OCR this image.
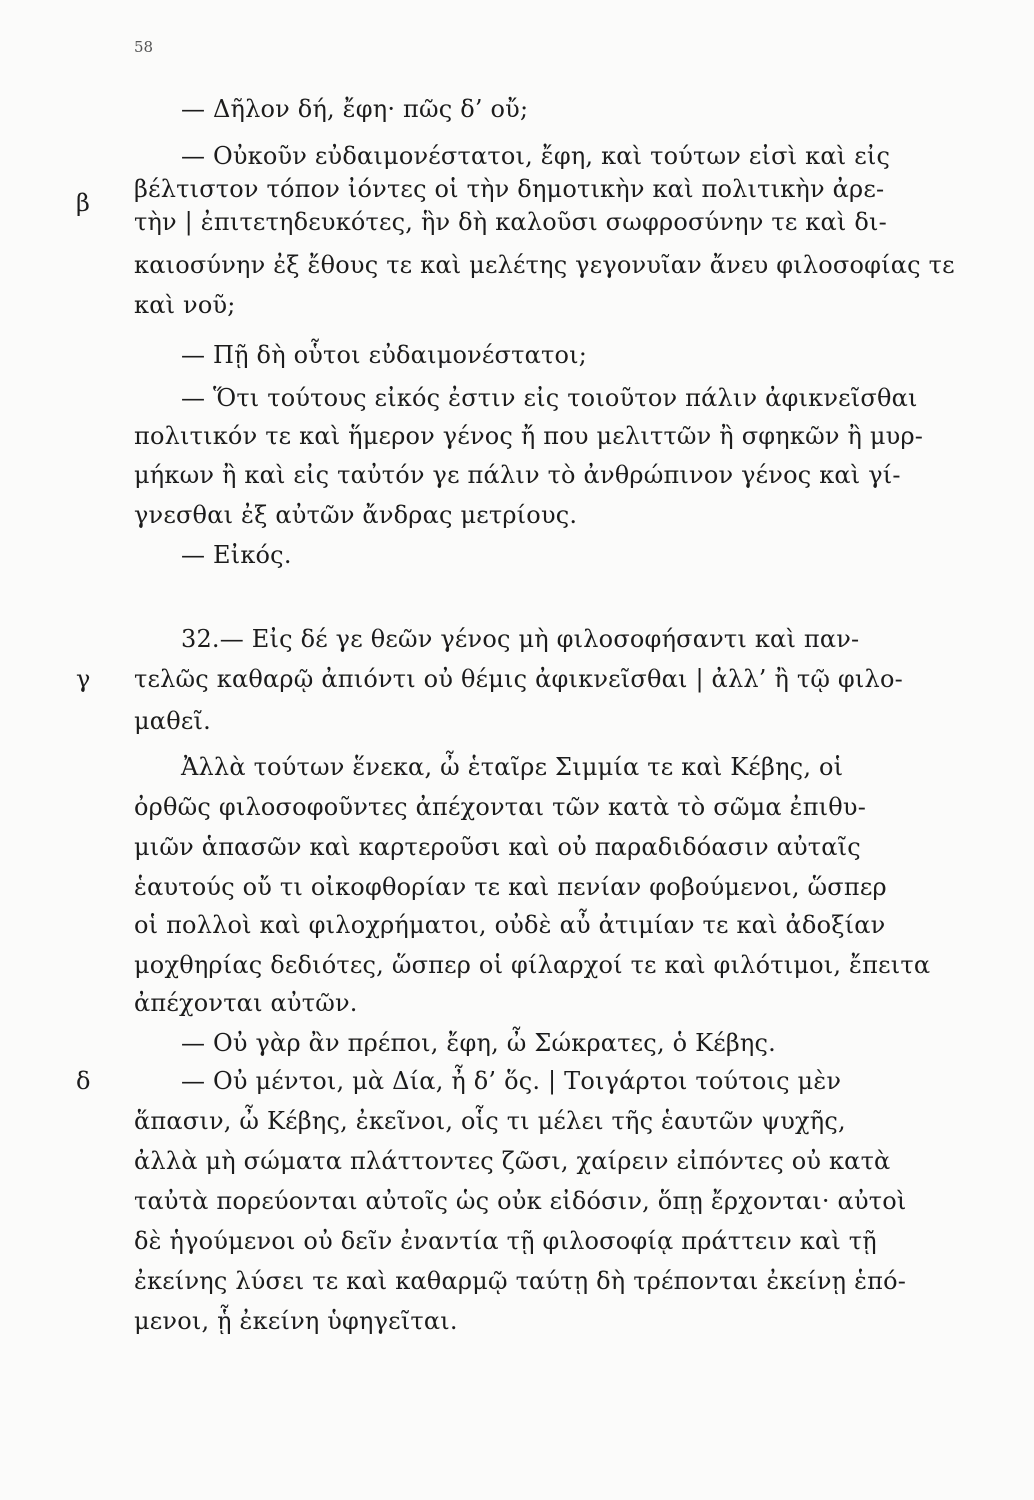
58
β
γ
δ
— Δῆλον δή, ἔφη· πῶς δ’ οὔ;
— Οὐκοῦν εὐδαιμονέστατοι, ἔφη, καὶ τούτων εἰσὶ καὶ εἰς
βέλτιστον τόπον ἰόντες οἱ τὴν δημοτικὴν καὶ πολιτικὴν ἀρε-
τὴν | ἐπιτετηδευκότες, ἣν δὴ καλοῦσι σωφροσύνην τε καὶ δι-
καιοσύνην ἐξ ἔθους τε καὶ μελέτης γεγονυῖαν ἄνευ φιλοσοφίας τε
καὶ νοῦ;
— Πῇ δὴ οὗτοι εὐδαιμονέστατοι;
— Ὅτι τούτους εἰκός ἐστιν εἰς τοιοῦτον πάλιν ἀφικνεῖσθαι
πολιτικόν τε καὶ ἥμερον γένος ἤ που μελιττῶν ἢ σφηκῶν ἢ μυρ-
μήκων ἢ καὶ εἰς ταὐτόν γε πάλιν τὸ ἀνθρώπινον γένος καὶ γί-
γνεσθαι ἐξ αὐτῶν ἄνδρας μετρίους.
— Εἰκός.
32.— Εἰς δέ γε θεῶν γένος μὴ φιλοσοφήσαντι καὶ παν-
τελῶς καθαρῷ ἀπιόντι οὐ θέμις ἀφικνεῖσθαι | ἀλλ’ ἢ τῷ φιλο-
μαθεῖ.
Ἀλλὰ τούτων ἕνεκα, ὦ ἑταῖρε Σιμμία τε καὶ Κέβης, οἱ
ὀρθῶς φιλοσοφοῦντες ἀπέχονται τῶν κατὰ τὸ σῶμα ἐπιθυ-
μιῶν ἁπασῶν καὶ καρτεροῦσι καὶ οὐ παραδιδόασιν αὐταῖς
ἑαυτούς οὔ τι οἰκοφθορίαν τε καὶ πενίαν φοβούμενοι, ὥσπερ
οἱ πολλοὶ καὶ φιλοχρήματοι, οὐδὲ αὖ ἀτιμίαν τε καὶ ἀδοξίαν
μοχθηρίας δεδιότες, ὥσπερ οἱ φίλαρχοί τε καὶ φιλότιμοι, ἔπειτα
ἀπέχονται αὐτῶν.
— Οὐ γὰρ ἂν πρέποι, ἔφη, ὦ Σώκρατες, ὁ Κέβης.
— Οὐ μέντοι, μὰ Δία, ἦ δ’ ὅς. | Τοιγάρτοι τούτοις μὲν
ἅπασιν, ὦ Κέβης, ἐκεῖνοι, οἷς τι μέλει τῆς ἑαυτῶν ψυχῆς,
ἀλλὰ μὴ σώματα πλάττοντες ζῶσι, χαίρειν εἰπόντες οὐ κατὰ
ταὐτὰ πορεύονται αὐτοῖς ὡς οὐκ εἰδόσιν, ὅπῃ ἔρχονται· αὐτοὶ
δὲ ἡγούμενοι οὐ δεῖν ἐναντία τῇ φιλοσοφίᾳ πράττειν καὶ τῇ
ἐκείνης λύσει τε καὶ καθαρμῷ ταύτῃ δὴ τρέπονται ἐκείνῃ ἑπό-
μενοι, ᾗ ἐκείνη ὑφηγεῖται.
